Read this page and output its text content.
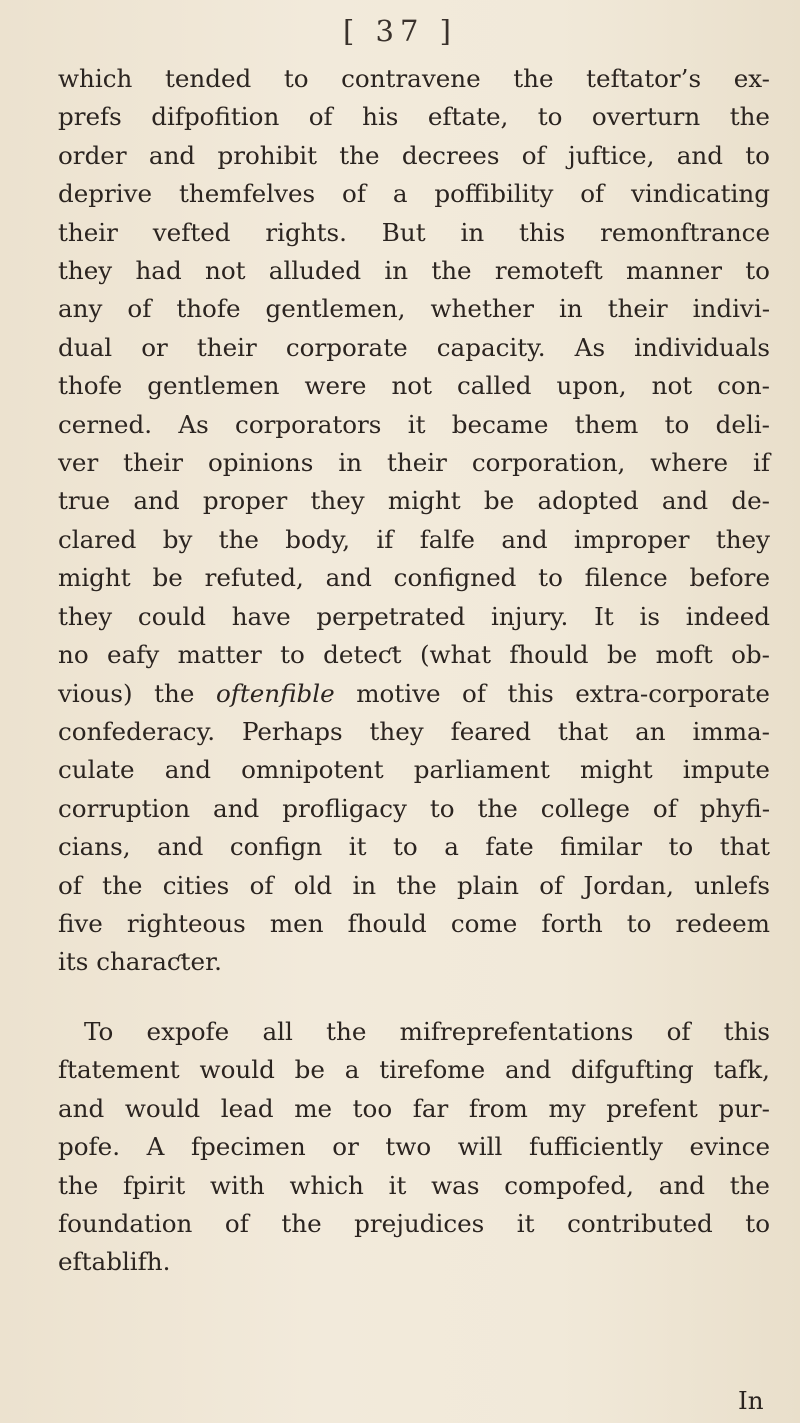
[ 37 ]
which tended to contravene the teftator’s ex-
prefs difpofition of his eftate, to overturn the
order and prohibit the decrees of juftice, and to
deprive themfelves of a poffibility of vindicating
their vefted rights. But in this remonftrance
they had not alluded in the remoteft manner to
any of thofe gentlemen, whether in their indivi-
dual or their corporate capacity. As individuals
thofe gentlemen were not called upon, not con-
cerned. As corporators it became them to deli-
ver their opinions in their corporation, where if
true and proper they might be adopted and de-
clared by the body, if falfe and improper they
might be refuted, and configned to filence before
they could have perpetrated injury. It is indeed
no eafy matter to deteƈt (what fhould be moft ob-
vious) the oftenfible motive of this extra-corporate
confederacy. Perhaps they feared that an imma-
culate and omnipotent parliament might impute
corruption and profligacy to the college of phyfi-
cians, and confign it to a fate fimilar to that
of the cities of old in the plain of Jordan, unlefs
five righteous men fhould come forth to redeem
its charaƈter.
To expofe all the mifreprefentations of this
ftatement would be a tirefome and difgufting tafk,
and would lead me too far from my prefent pur-
pofe. A fpecimen or two will fufficiently evince
the fpirit with which it was compofed, and the
foundation of the prejudices it contributed to
eftablifh.
In
